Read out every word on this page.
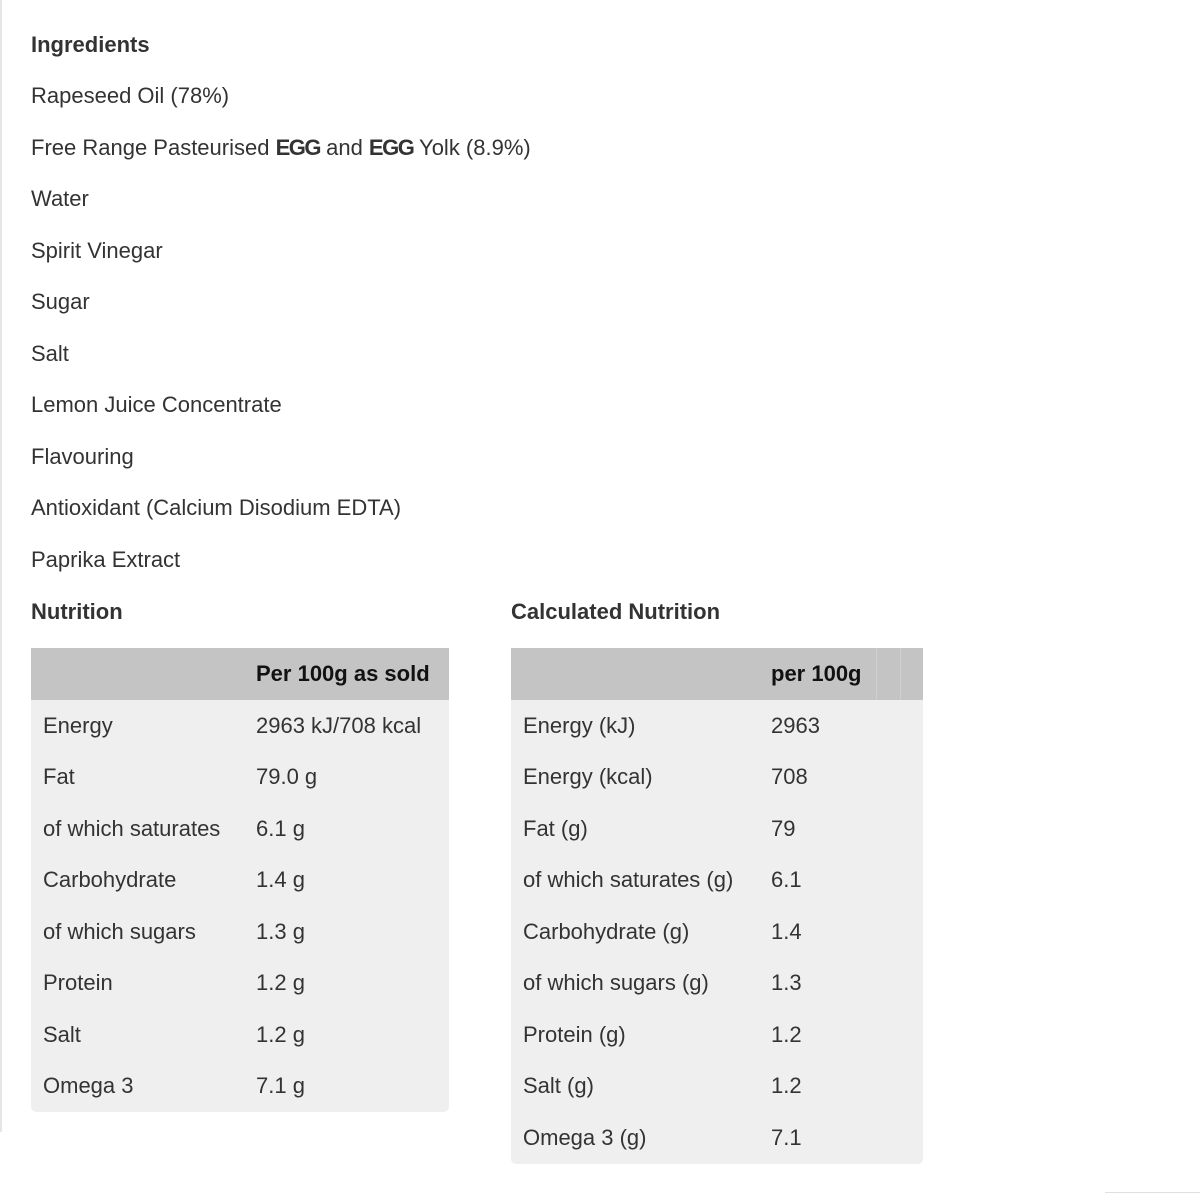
Ingredients
Rapeseed Oil (78%)
Free Range Pasteurised EGG and EGG Yolk (8.9%)
Water
Spirit Vinegar
Sugar
Salt
Lemon Juice Concentrate
Flavouring
Antioxidant (Calcium Disodium EDTA)
Paprika Extract
Nutrition	Calculated Nutrition
	Per 100g as sold
Energy	2963 kJ/708 kcal
Fat	79.0 g
of which saturates	6.1 g
Carbohydrate	1.4 g
of which sugars	1.3 g
Protein	1.2 g
Salt	1.2 g
Omega 3	7.1 g
	per 100g		
Energy (kJ)	2963		
Energy (kcal)	708		
Fat (g)	79		
of which saturates (g)	6.1		
Carbohydrate (g)	1.4		
of which sugars (g)	1.3		
Protein (g)	1.2		
Salt (g)	1.2		
Omega 3 (g)	7.1		
